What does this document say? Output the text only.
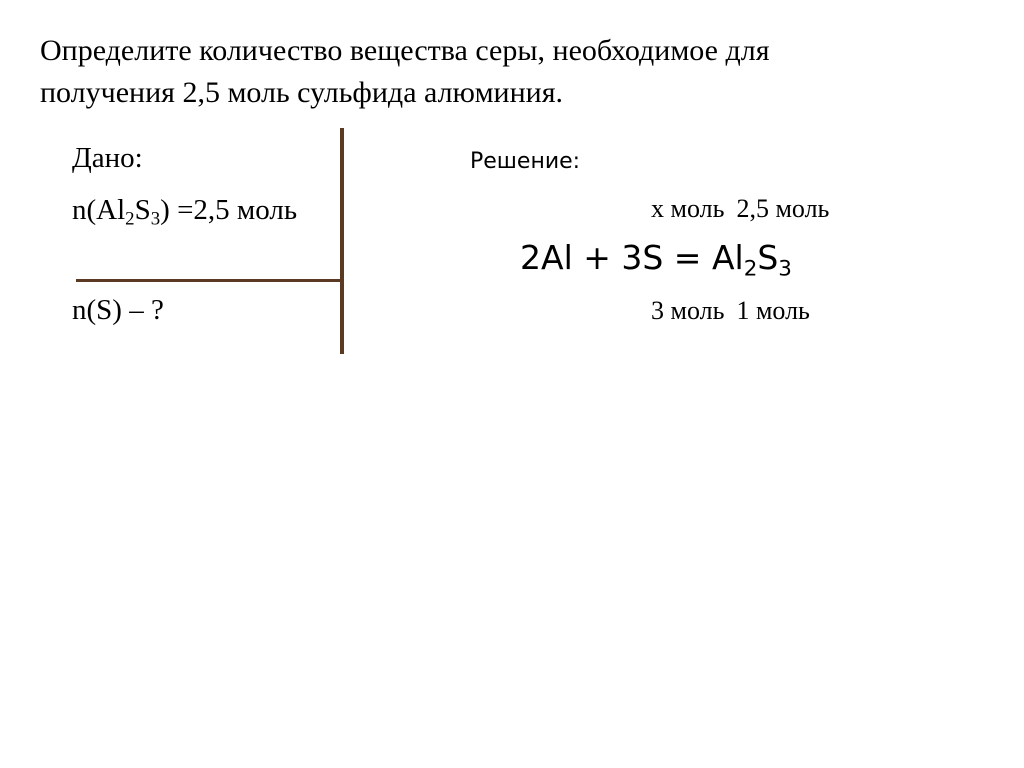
Определите количество вещества серы, необходимое для
получения 2,5 моль сульфида алюминия.
Дано:
$n(Al_2S_3) =2,5$ моль
n(S) – ?
Решение:
x моль 2,5 моль
$2Al + 3S = Al_2S_3$
3 моль 1 моль
